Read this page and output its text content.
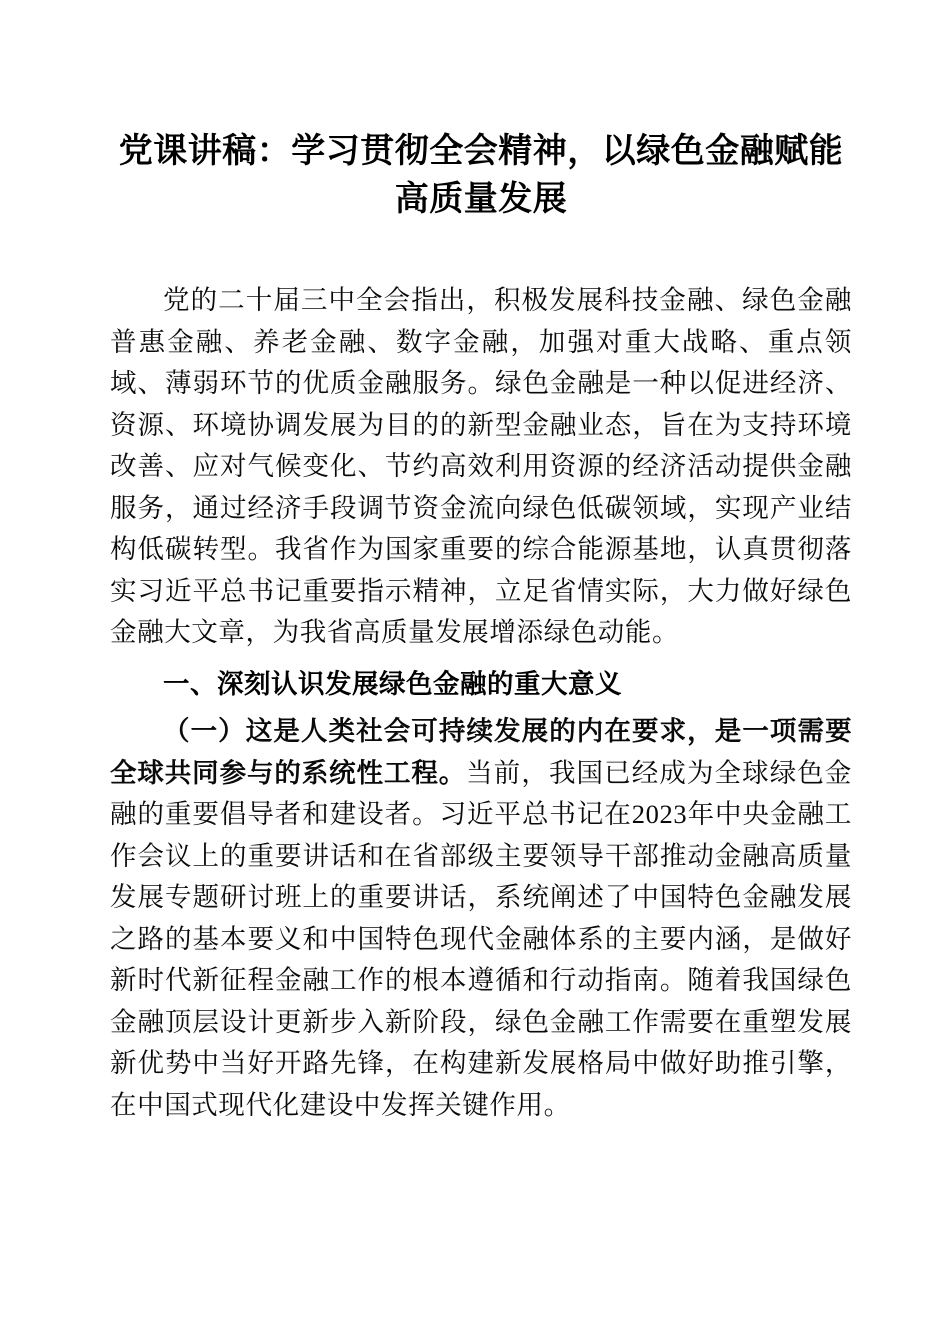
党课讲稿：学习贯彻全会精神，以绿色金融赋能高质量发展

党的二十届三中全会指出，积极发展科技金融、绿色金融普惠金融、养老金融、数字金融，加强对重大战略、重点领域、薄弱环节的优质金融服务。绿色金融是一种以促进经济、资源、环境协调发展为目的的新型金融业态，旨在为支持环境改善、应对气候变化、节约高效利用资源的经济活动提供金融服务，通过经济手段调节资金流向绿色低碳领域，实现产业结构低碳转型。我省作为国家重要的综合能源基地，认真贯彻落实习近平总书记重要指示精神，立足省情实际，大力做好绿色金融大文章，为我省高质量发展增添绿色动能。

一、深刻认识发展绿色金融的重大意义

（一）这是人类社会可持续发展的内在要求，是一项需要全球共同参与的系统性工程。当前，我国已经成为全球绿色金融的重要倡导者和建设者。习近平总书记在2023年中央金融工作会议上的重要讲话和在省部级主要领导干部推动金融高质量发展专题研讨班上的重要讲话，系统阐述了中国特色金融发展之路的基本要义和中国特色现代金融体系的主要内涵，是做好新时代新征程金融工作的根本遵循和行动指南。随着我国绿色金融顶层设计更新步入新阶段，绿色金融工作需要在重塑发展新优势中当好开路先锋，在构建新发展格局中做好助推引擎，在中国式现代化建设中发挥关键作用。
